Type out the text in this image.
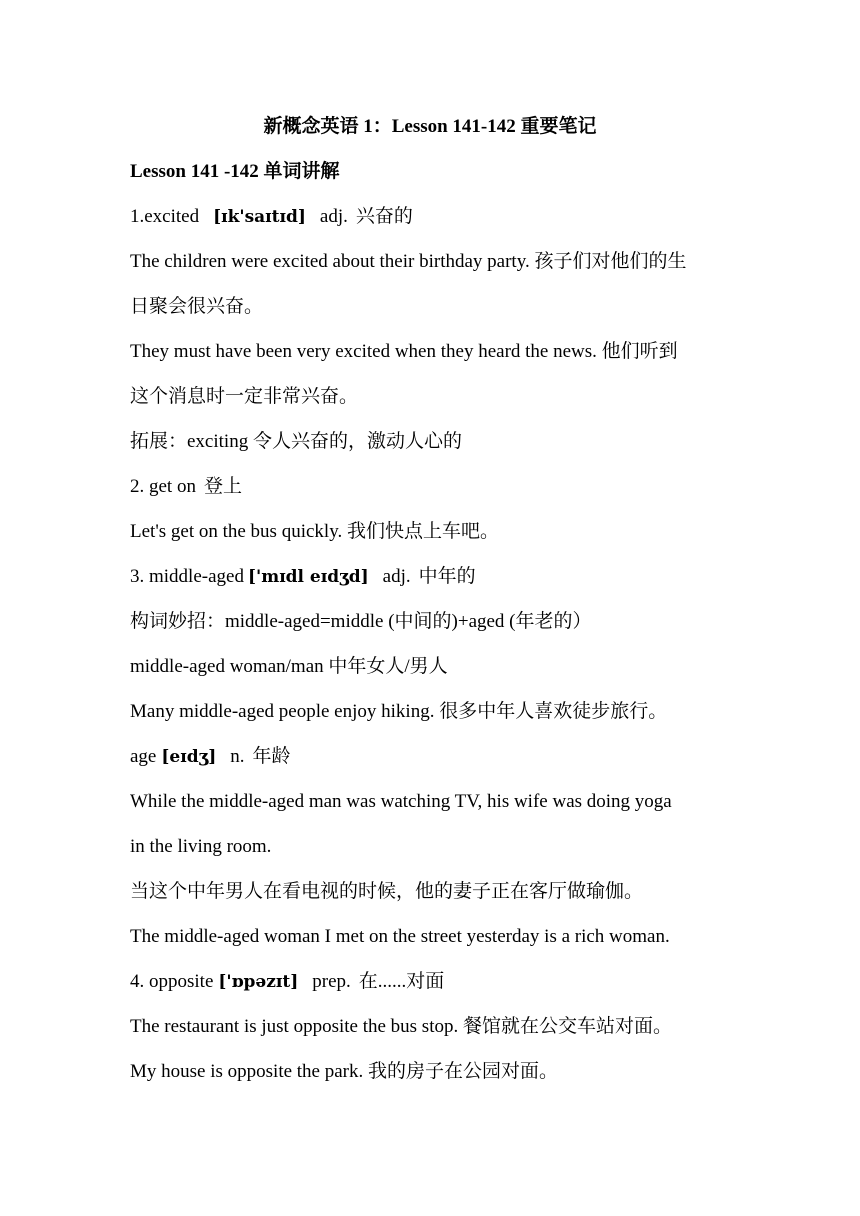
新概念英语 1：Lesson 141-142 重要笔记
Lesson 141 -142 单词讲解
1.excited [ɪk'saɪtɪd] adj. 兴奋的
The children were excited about their birthday party. 孩子们对他们的生
日聚会很兴奋。
They must have been very excited when they heard the news. 他们听到
这个消息时一定非常兴奋。
拓展：exciting 令人兴奋的，激动人心的
2. get on 登上
Let's get on the bus quickly. 我们快点上车吧。
3. middle-aged ['mɪdl eɪdʒd] adj. 中年的
构词妙招：middle-aged=middle (中间的)+aged (年老的）
middle-aged woman/man 中年女人/男人
Many middle-aged people enjoy hiking. 很多中年人喜欢徒步旅行。
age [eɪdʒ] n. 年龄
While the middle-aged man was watching TV, his wife was doing yoga
in the living room.
当这个中年男人在看电视的时候，他的妻子正在客厅做瑜伽。
The middle-aged woman I met on the street yesterday is a rich woman.
4. opposite ['ɒpəzɪt] prep. 在......对面
The restaurant is just opposite the bus stop. 餐馆就在公交车站对面。
My house is opposite the park. 我的房子在公园对面。
